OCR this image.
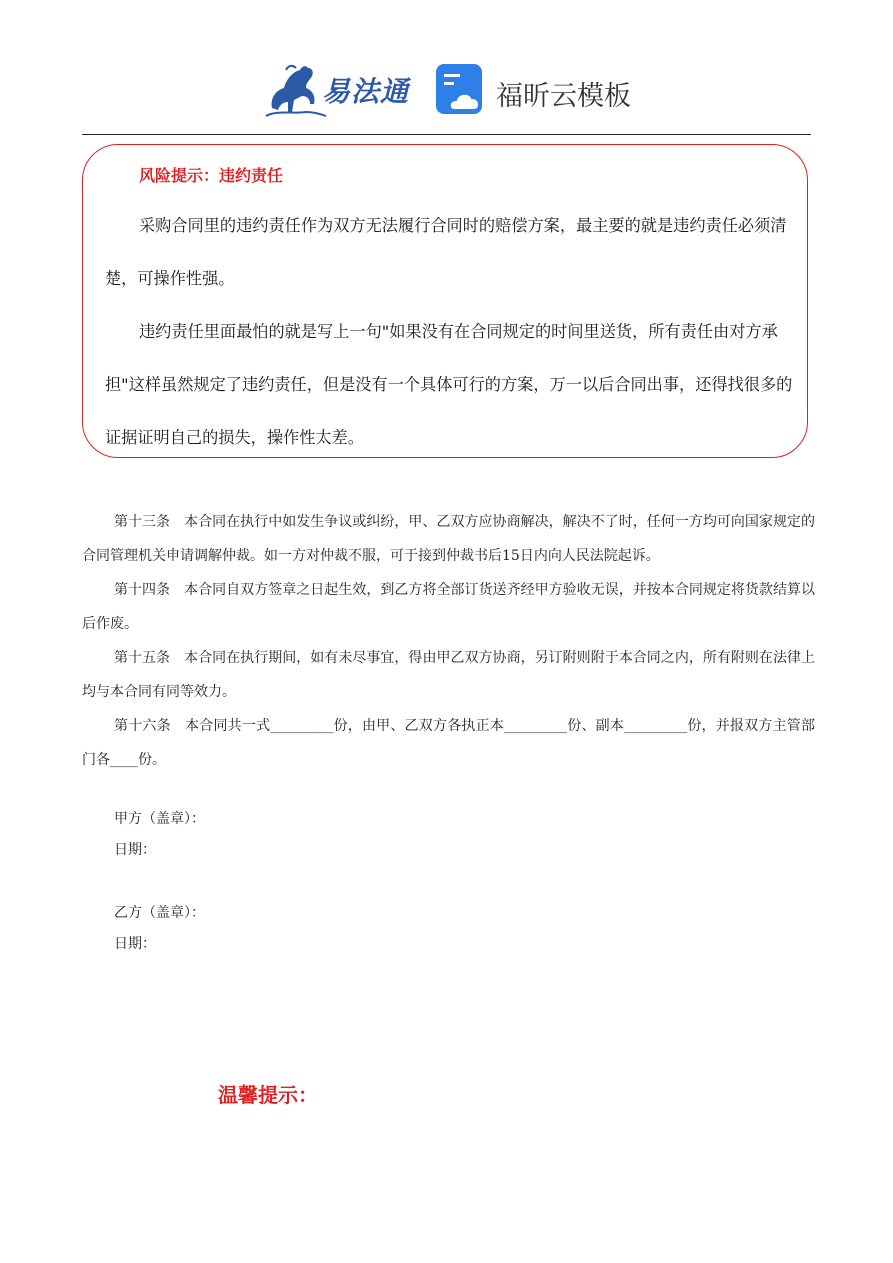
易法通	福昕云模板
风险提示：违约责任

采购合同里的违约责任作为双方无法履行合同时的赔偿方案，最主要的就是违约责任必须清楚，可操作性强。

违约责任里面最怕的就是写上一句"如果没有在合同规定的时间里送货，所有责任由对方承担"这样虽然规定了违约责任，但是没有一个具体可行的方案，万一以后合同出事，还得找很多的证据证明自己的损失，操作性太差。

第十三条　本合同在执行中如发生争议或纠纷，甲、乙双方应协商解决，解决不了时，任何一方均可向国家规定的合同管理机关申请调解仲裁。如一方对仲裁不服，可于接到仲裁书后15日内向人民法院起诉。

第十四条　本合同自双方签章之日起生效，到乙方将全部订货送齐经甲方验收无误，并按本合同规定将货款结算以后作废。

第十五条　本合同在执行期间，如有未尽事宜，得由甲乙双方协商，另订附则附于本合同之内，所有附则在法律上均与本合同有同等效力。

第十六条　本合同共一式_________份，由甲、乙双方各执正本_________份、副本_________份，并报双方主管部门各____份。

甲方（盖章）：
日期：
乙方（盖章）：
日期：
温馨提示：
